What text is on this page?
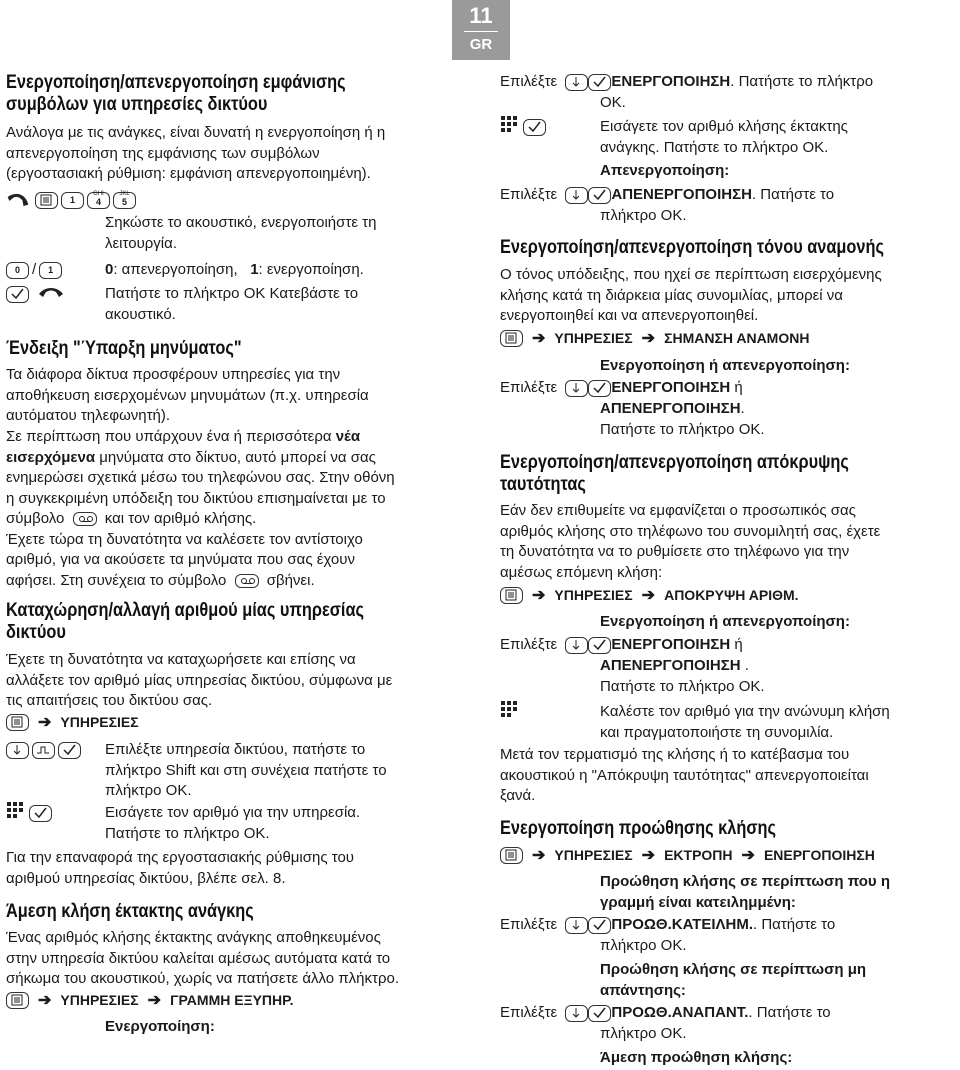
11
GR
Ενεργοποίηση/απενεργοποίηση εμφάνισης
συμβόλων για υπηρεσίες δικτύου
Ανάλογα με τις ανάγκες, είναι δυνατή η ενεργοποίηση ή η
απενεργοποίηση της εμφάνισης των συμβόλων
(εργοστασιακή ρύθμιση: εμφάνιση απενεργοποιημένη).
1
GHI
4
JKL
5
Σηκώστε το ακουστικό, ενεργοποιήστε τη
λειτουργία.
0 /	1	0: απενεργοποίηση, 1: ενεργοποίηση.
Πατήστε το πλήκτρο OK Κατεβάστε το
ακουστικό.
Ένδειξη "Ύπαρξη μηνύματος"
Τα διάφορα δίκτυα προσφέρουν υπηρεσίες για την
αποθήκευση εισερχομένων μηνυμάτων (π.χ. υπηρεσία
αυτόματου τηλεφωνητή).
Σε περίπτωση που υπάρχουν ένα ή περισσότερα νέα
εισερχόμενα μηνύματα στο δίκτυο, αυτό μπορεί να σας
ενημερώσει σχετικά μέσω του τηλεφώνου σας. Στην οθόνη
η συγκεκριμένη υπόδειξη του δικτύου επισημαίνεται με το
σύμβολο	και τον αριθμό κλήσης.
Έχετε τώρα τη δυνατότητα να καλέσετε τον αντίστοιχο
αριθμό, για να ακούσετε τα μηνύματα που σας έχουν
αφήσει. Στη συνέχεια το σύμβολο	σβήνει.
Καταχώρηση/αλλαγή αριθμού μίας υπηρεσίας
δικτύου
Έχετε τη δυνατότητα να καταχωρήσετε και επίσης να
αλλάξετε τον αριθμό μίας υπηρεσίας δικτύου, σύμφωνα με
τις απαιτήσεις του δικτύου σας.
➔ ΥΠΗΡΕΣΙΕΣ
Επιλέξτε υπηρεσία δικτύου, πατήστε το
πλήκτρο Shift και στη συνέχεια πατήστε το
πλήκτρο OK.
Εισάγετε τον αριθμό για την υπηρεσία.
Πατήστε το πλήκτρο OK.
Για την επαναφορά της εργοστασιακής ρύθμισης του
αριθμού υπηρεσίας δικτύου, βλέπε σελ. 8.
Άμεση κλήση έκτακτης ανάγκης
Ένας αριθμός κλήσης έκτακτης ανάγκης αποθηκευμένος
στην υπηρεσία δικτύου καλείται αμέσως αυτόματα κατά το
σήκωμα του ακουστικού, χωρίς να πατήσετε άλλο πλήκτρο.
➔ ΥΠΗΡΕΣΙΕΣ ➔ ΓΡΑΜΜΗ ΕΞΥΠΗΡ.
Ενεργοποίηση:
Επιλέξτε	ΕΝΕΡΓΟΠΟΙΗΣΗ. Πατήστε το πλήκτρο
OK.
Εισάγετε τον αριθμό κλήσης έκτακτης
ανάγκης. Πατήστε το πλήκτρο OK.
Απενεργοποίηση:
Επιλέξτε	ΑΠΕΝΕΡΓΟΠΟΙΗΣΗ. Πατήστε το
πλήκτρο OK.
Ενεργοποίηση/απενεργοποίηση τόνου αναμονής
Ο τόνος υπόδειξης, που ηχεί σε περίπτωση εισερχόμενης
κλήσης κατά τη διάρκεια μίας συνομιλίας, μπορεί να
ενεργοποιηθεί και να απενεργοποιηθεί.
➔ ΥΠΗΡΕΣΙΕΣ ➔ ΣΗΜΑΝΣΗ ΑΝΑΜΟΝΗ
Ενεργοποίηση ή απενεργοποίηση:
Επιλέξτε	ΕΝΕΡΓΟΠΟΙΗΣΗ ή
ΑΠΕΝΕΡΓΟΠΟΙΗΣΗ.
Πατήστε το πλήκτρο OK.
Ενεργοποίηση/απενεργοποίηση απόκρυψης
ταυτότητας
Εάν δεν επιθυμείτε να εμφανίζεται ο προσωπικός σας
αριθμός κλήσης στο τηλέφωνο του συνομιλητή σας, έχετε
τη δυνατότητα να το ρυθμίσετε στο τηλέφωνο για την
αμέσως επόμενη κλήση:
➔ ΥΠΗΡΕΣΙΕΣ ➔ ΑΠΟΚΡΥΨΗ ΑΡΙΘΜ.
Ενεργοποίηση ή απενεργοποίηση:
Επιλέξτε	ΕΝΕΡΓΟΠΟΙΗΣΗ ή
ΑΠΕΝΕΡΓΟΠΟΙΗΣΗ .
Πατήστε το πλήκτρο OK.
Καλέστε τον αριθμό για την ανώνυμη κλήση
και πραγματοποιήστε τη συνομιλία.
Μετά τον τερματισμό της κλήσης ή το κατέβασμα του
ακουστικού η "Απόκρυψη ταυτότητας" απενεργοποιείται
ξανά.
Ενεργοποίηση προώθησης κλήσης
➔ ΥΠΗΡΕΣΙΕΣ ➔ ΕΚΤΡΟΠΗ ➔ ΕΝΕΡΓΟΠΟΙΗΣΗ
Προώθηση κλήσης σε περίπτωση που η
γραμμή είναι κατειλημμένη:
Επιλέξτε	ΠΡΟΩΘ.ΚΑΤΕΙΛΗΜ.. Πατήστε το
πλήκτρο OK.
Προώθηση κλήσης σε περίπτωση μη
απάντησης:
Επιλέξτε	ΠΡΟΩΘ.ΑΝΑΠΑΝΤ.. Πατήστε το
πλήκτρο OK.
Άμεση προώθηση κλήσης:
